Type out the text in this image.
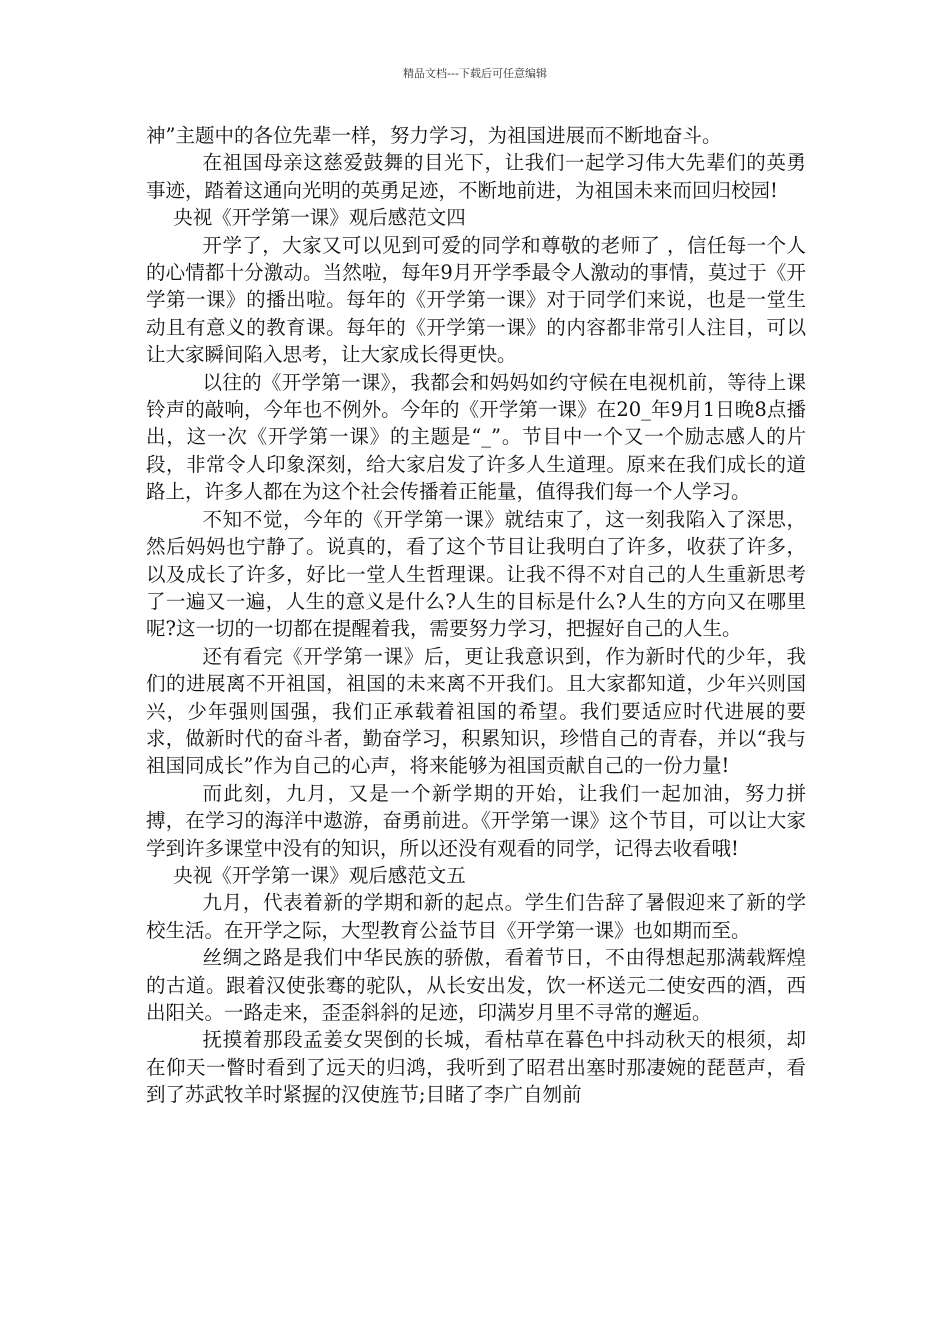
精品文档---下载后可任意编辑

神”主题中的各位先辈一样，努力学习，为祖国进展而不断地奋斗。

在祖国母亲这慈爱鼓舞的目光下，让我们一起学习伟大先辈们的英勇事迹，踏着这通向光明的英勇足迹，不断地前进，为祖国未来而回归校园!

央视《开学第一课》观后感范文四

开学了，大家又可以见到可爱的同学和尊敬的老师了 ，信任每一个人的心情都十分激动。当然啦，每年9月开学季最令人激动的事情，莫过于《开学第一课》的播出啦。每年的《开学第一课》对于同学们来说，也是一堂生动且有意义的教育课。每年的《开学第一课》的内容都非常引人注目，可以让大家瞬间陷入思考，让大家成长得更快。

以往的《开学第一课》，我都会和妈妈如约守候在电视机前，等待上课铃声的敲响，今年也不例外。今年的《开学第一课》在20_年9月1日晚8点播出，这一次《开学第一课》的主题是“_”。节目中一个又一个励志感人的片段，非常令人印象深刻，给大家启发了许多人生道理。原来在我们成长的道路上，许多人都在为这个社会传播着正能量，值得我们每一个人学习。

不知不觉，今年的《开学第一课》就结束了，这一刻我陷入了深思，然后妈妈也宁静了。说真的，看了这个节目让我明白了许多，收获了许多，以及成长了许多，好比一堂人生哲理课。让我不得不对自己的人生重新思考了一遍又一遍，人生的意义是什么?人生的目标是什么?人生的方向又在哪里呢?这一切的一切都在提醒着我，需要努力学习，把握好自己的人生。

还有看完《开学第一课》后，更让我意识到，作为新时代的少年，我们的进展离不开祖国，祖国的未来离不开我们。且大家都知道，少年兴则国兴，少年强则国强，我们正承载着祖国的希望。我们要适应时代进展的要求，做新时代的奋斗者，勤奋学习，积累知识，珍惜自己的青春，并以“我与祖国同成长”作为自己的心声，将来能够为祖国贡献自己的一份力量!

而此刻，九月，又是一个新学期的开始，让我们一起加油，努力拼搏，在学习的海洋中遨游，奋勇前进。《开学第一课》这个节目，可以让大家学到许多课堂中没有的知识，所以还没有观看的同学，记得去收看哦!

央视《开学第一课》观后感范文五

九月，代表着新的学期和新的起点。学生们告辞了暑假迎来了新的学校生活。在开学之际，大型教育公益节目《开学第一课》也如期而至。

丝绸之路是我们中华民族的骄傲，看着节日，不由得想起那满载辉煌的古道。跟着汉使张骞的驼队，从长安出发，饮一杯送元二使安西的酒，西出阳关。一路走来，歪歪斜斜的足迹，印满岁月里不寻常的邂逅。

抚摸着那段孟姜女哭倒的长城，看枯草在暮色中抖动秋天的根须，却在仰天一瞥时看到了远天的归鸿，我听到了昭君出塞时那凄婉的琵琶声，看到了苏武牧羊时紧握的汉使旌节;目睹了李广自刎前
